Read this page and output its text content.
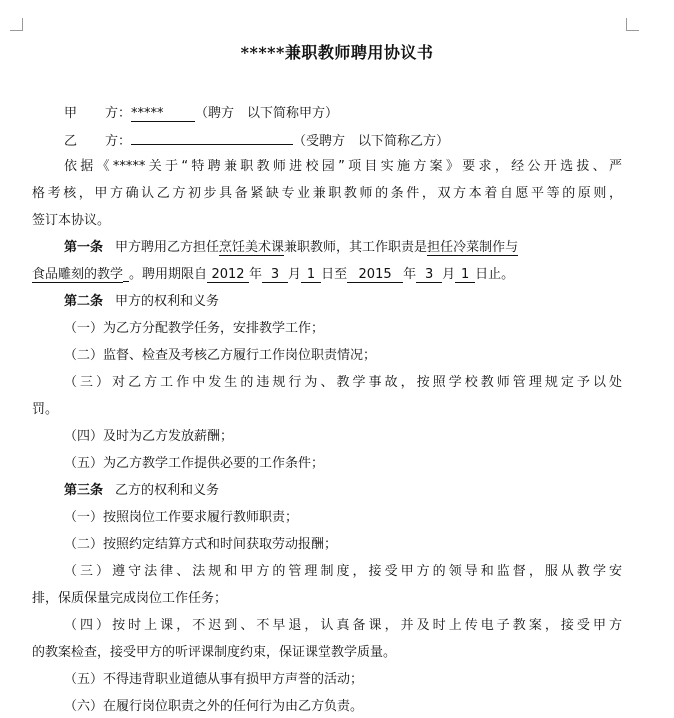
*****兼职教师聘用协议书
甲 方：***** （聘方　以下简称甲方）
乙 方：	（受聘方　以下简称乙方）
依据《*****关于“特聘兼职教师进校园”项目实施方案》要求，经公开选拔、严
格考核，甲方确认乙方初步具备紧缺专业兼职教师的条件，双方本着自愿平等的原则，
签订本协议。
第一条 甲方聘用乙方担任烹饪美术课兼职教师，其工作职责是担任冷菜制作与
食品雕刻的教学 。聘用期限自 2012 年 3 月 1 日至 2015 年 3 月 1 日止。
第二条 甲方的权利和义务
（一）为乙方分配教学任务，安排教学工作；
（二）监督、检查及考核乙方履行工作岗位职责情况；
（三）对乙方工作中发生的违规行为、教学事故，按照学校教师管理规定予以处
罚。
（四）及时为乙方发放薪酬；
（五）为乙方教学工作提供必要的工作条件；
第三条 乙方的权利和义务
（一）按照岗位工作要求履行教师职责；
（二）按照约定结算方式和时间获取劳动报酬；
（三）遵守法律、法规和甲方的管理制度，接受甲方的领导和监督，服从教学安
排，保质保量完成岗位工作任务；
（四）按时上课，不迟到、不早退，认真备课，并及时上传电子教案，接受甲方
的教案检查，接受甲方的听评课制度约束，保证课堂教学质量。
（五）不得违背职业道德从事有损甲方声誉的活动；
（六）在履行岗位职责之外的任何行为由乙方负责。
